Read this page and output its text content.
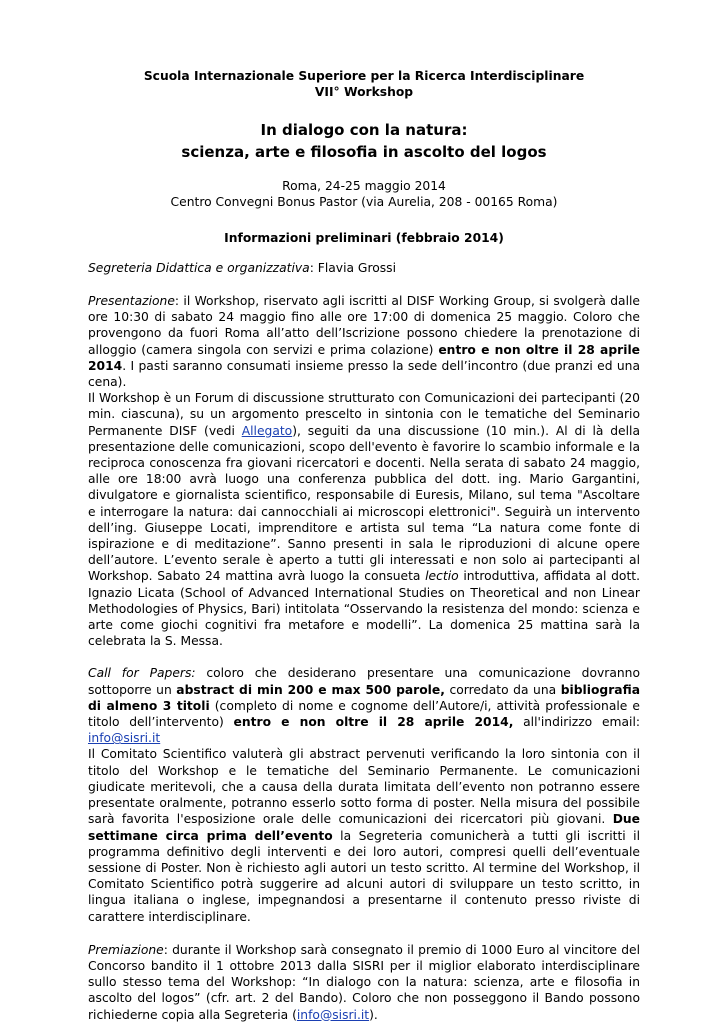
Scuola Internazionale Superiore per la Ricerca Interdisciplinare
VII° Workshop
In dialogo con la natura:
scienza, arte e filosofia in ascolto del logos
Roma, 24-25 maggio 2014
Centro Convegni Bonus Pastor (via Aurelia, 208 - 00165 Roma)
Informazioni preliminari (febbraio 2014)
Segreteria Didattica e organizzativa: Flavia Grossi

Presentazione: il Workshop, riservato agli iscritti al DISF Working Group, si svolgerà dalle ore 10:30 di sabato 24 maggio fino alle ore 17:00 di domenica 25 maggio. Coloro che provengono da fuori Roma all’atto dell’Iscrizione possono chiedere la prenotazione di alloggio (camera singola con servizi e prima colazione) entro e non oltre il 28 aprile 2014. I pasti saranno consumati insieme presso la sede dell’incontro (due pranzi ed una cena).

Il Workshop è un Forum di discussione strutturato con Comunicazioni dei partecipanti (20 min. ciascuna), su un argomento prescelto in sintonia con le tematiche del Seminario Permanente DISF (vedi Allegato), seguiti da una discussione (10 min.). Al di là della presentazione delle comunicazioni, scopo dell'evento è favorire lo scambio informale e la reciproca conoscenza fra giovani ricercatori e docenti. Nella serata di sabato 24 maggio, alle ore 18:00 avrà luogo una conferenza pubblica del dott. ing. Mario Gargantini, divulgatore e giornalista scientifico, responsabile di Euresis, Milano, sul tema "Ascoltare e interrogare la natura: dai cannocchiali ai microscopi elettronici". Seguirà un intervento dell’ing. Giuseppe Locati, imprenditore e artista sul tema “La natura come fonte di ispirazione e di meditazione”. Sanno presenti in sala le riproduzioni di alcune opere dell’autore. L’evento serale è aperto a tutti gli interessati e non solo ai partecipanti al Workshop. Sabato 24 mattina avrà luogo la consueta lectio introduttiva, affidata al dott. Ignazio Licata (School of Advanced International Studies on Theoretical and non Linear Methodologies of Physics, Bari) intitolata “Osservando la resistenza del mondo: scienza e arte come giochi cognitivi fra metafore e modelli”. La domenica 25 mattina sarà la celebrata la S. Messa.

Call for Papers: coloro che desiderano presentare una comunicazione dovranno sottoporre un abstract di min 200 e max 500 parole, corredato da una bibliografia di almeno 3 titoli (completo di nome e cognome dell’Autore/i, attività professionale e titolo dell’intervento) entro e non oltre il 28 aprile 2014, all'indirizzo email: info@sisri.it

Il Comitato Scientifico valuterà gli abstract pervenuti verificando la loro sintonia con il titolo del Workshop e le tematiche del Seminario Permanente. Le comunicazioni giudicate meritevoli, che a causa della durata limitata dell’evento non potranno essere presentate oralmente, potranno esserlo sotto forma di poster. Nella misura del possibile sarà favorita l'esposizione orale delle comunicazioni dei ricercatori più giovani. Due settimane circa prima dell’evento la Segreteria comunicherà a tutti gli iscritti il programma definitivo degli interventi e dei loro autori, compresi quelli dell’eventuale sessione di Poster. Non è richiesto agli autori un testo scritto. Al termine del Workshop, il Comitato Scientifico potrà suggerire ad alcuni autori di sviluppare un testo scritto, in lingua italiana o inglese, impegnandosi a presentarne il contenuto presso riviste di carattere interdisciplinare.

Premiazione: durante il Workshop sarà consegnato il premio di 1000 Euro al vincitore del Concorso bandito il 1 ottobre 2013 dalla SISRI per il miglior elaborato interdisciplinare sullo stesso tema del Workshop: “In dialogo con la natura: scienza, arte e filosofia in ascolto del logos” (cfr. art. 2 del Bando). Coloro che non posseggono il Bando possono richiederne copia alla Segreteria (info@sisri.it).
